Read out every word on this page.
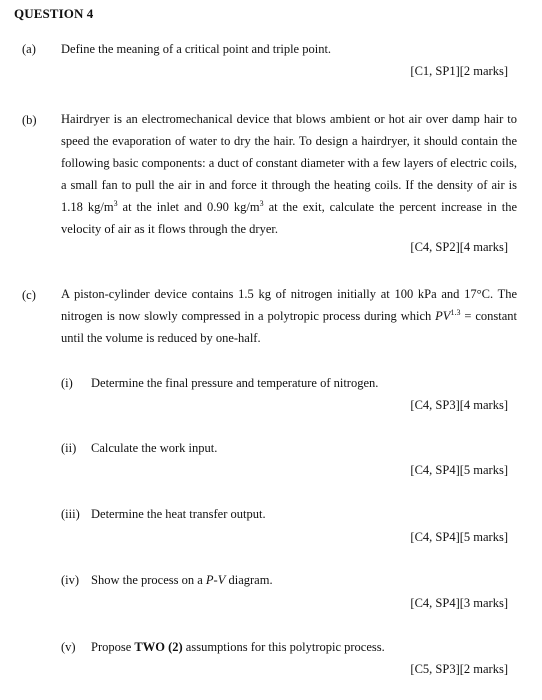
QUESTION 4
(a) Define the meaning of a critical point and triple point.
[C1, SP1][2 marks]
(b) Hairdryer is an electromechanical device that blows ambient or hot air over damp hair to speed the evaporation of water to dry the hair. To design a hairdryer, it should contain the following basic components: a duct of constant diameter with a few layers of electric coils, a small fan to pull the air in and force it through the heating coils. If the density of air is 1.18 $kg/m^3$ at the inlet and 0.90 $kg/m^3$ at the exit, calculate the percent increase in the velocity of air as it flows through the dryer.
[C4, SP2][4 marks]
(c) A piston-cylinder device contains 1.5 kg of nitrogen initially at 100 kPa and 17°C. The nitrogen is now slowly compressed in a polytropic process during which $PV^{1.3}$ = constant until the volume is reduced by one-half.
(i) Determine the final pressure and temperature of nitrogen.
[C4, SP3][4 marks]
(ii) Calculate the work input.
[C4, SP4][5 marks]
(iii) Determine the heat transfer output.
[C4, SP4][5 marks]
(iv) Show the process on a P-V diagram.
[C4, SP4][3 marks]
(v) Propose TWO (2) assumptions for this polytropic process.
[C5, SP3][2 marks]
